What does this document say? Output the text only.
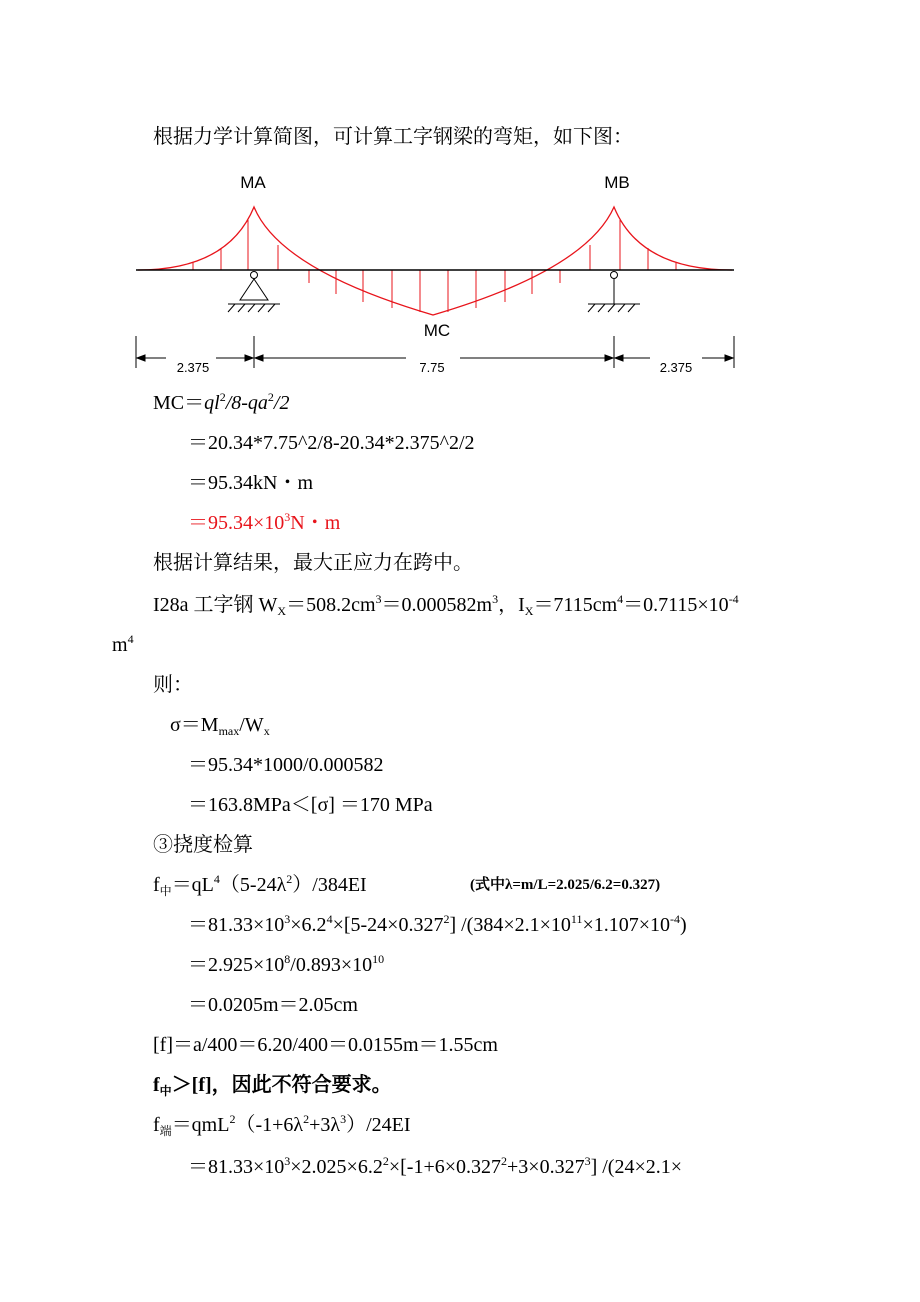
根据力学计算简图，可计算工字钢梁的弯矩，如下图：
MA	MB
MC
2.375	7.75	2.375
$MC=ql^2/8-qa^2/2$
＝20.34*7.75^2/8-20.34*2.375^2/2
＝95.34kN・m
$=95.34\times 10^3N$・m
根据计算结果，最大正应力在跨中。
I28a 工字钢 $W_X=508.2cm^3=0.000582m^3$，$I_X=7115cm^4=0.7115\times 10^{-4}$
$m^4$
则：
$\sigma=M_{max}/W_x$
＝95.34*1000/0.000582
＝163.8MPa＜[σ] ＝170 MPa
③挠度检算
$f_中=qL^4(5-24\lambda^2)/384EI$	(式中λ=m/L=2.025/6.2=0.327)
$=81.33\times 10^3\times 6.2^4\times[5-24\times 0.327^2]$ $/(384\times 2.1\times 10^{11}\times 1.107\times 10^{-4})$
$=2.925\times 10^8/0.893\times 10^{10}$
＝0.0205m＝2.05cm
[f]＝a/400＝6.20/400＝0.0155m＝1.55cm
$f_中>[f]$，因此不符合要求。
$f_端=qmL^2(-1+6\lambda^2+3\lambda^3)/24EI$
$=81.33\times 10^3\times 2.025\times 6.2^2\times[-1+6\times 0.327^2+3\times 0.327^3]$ /(24×2.1×
